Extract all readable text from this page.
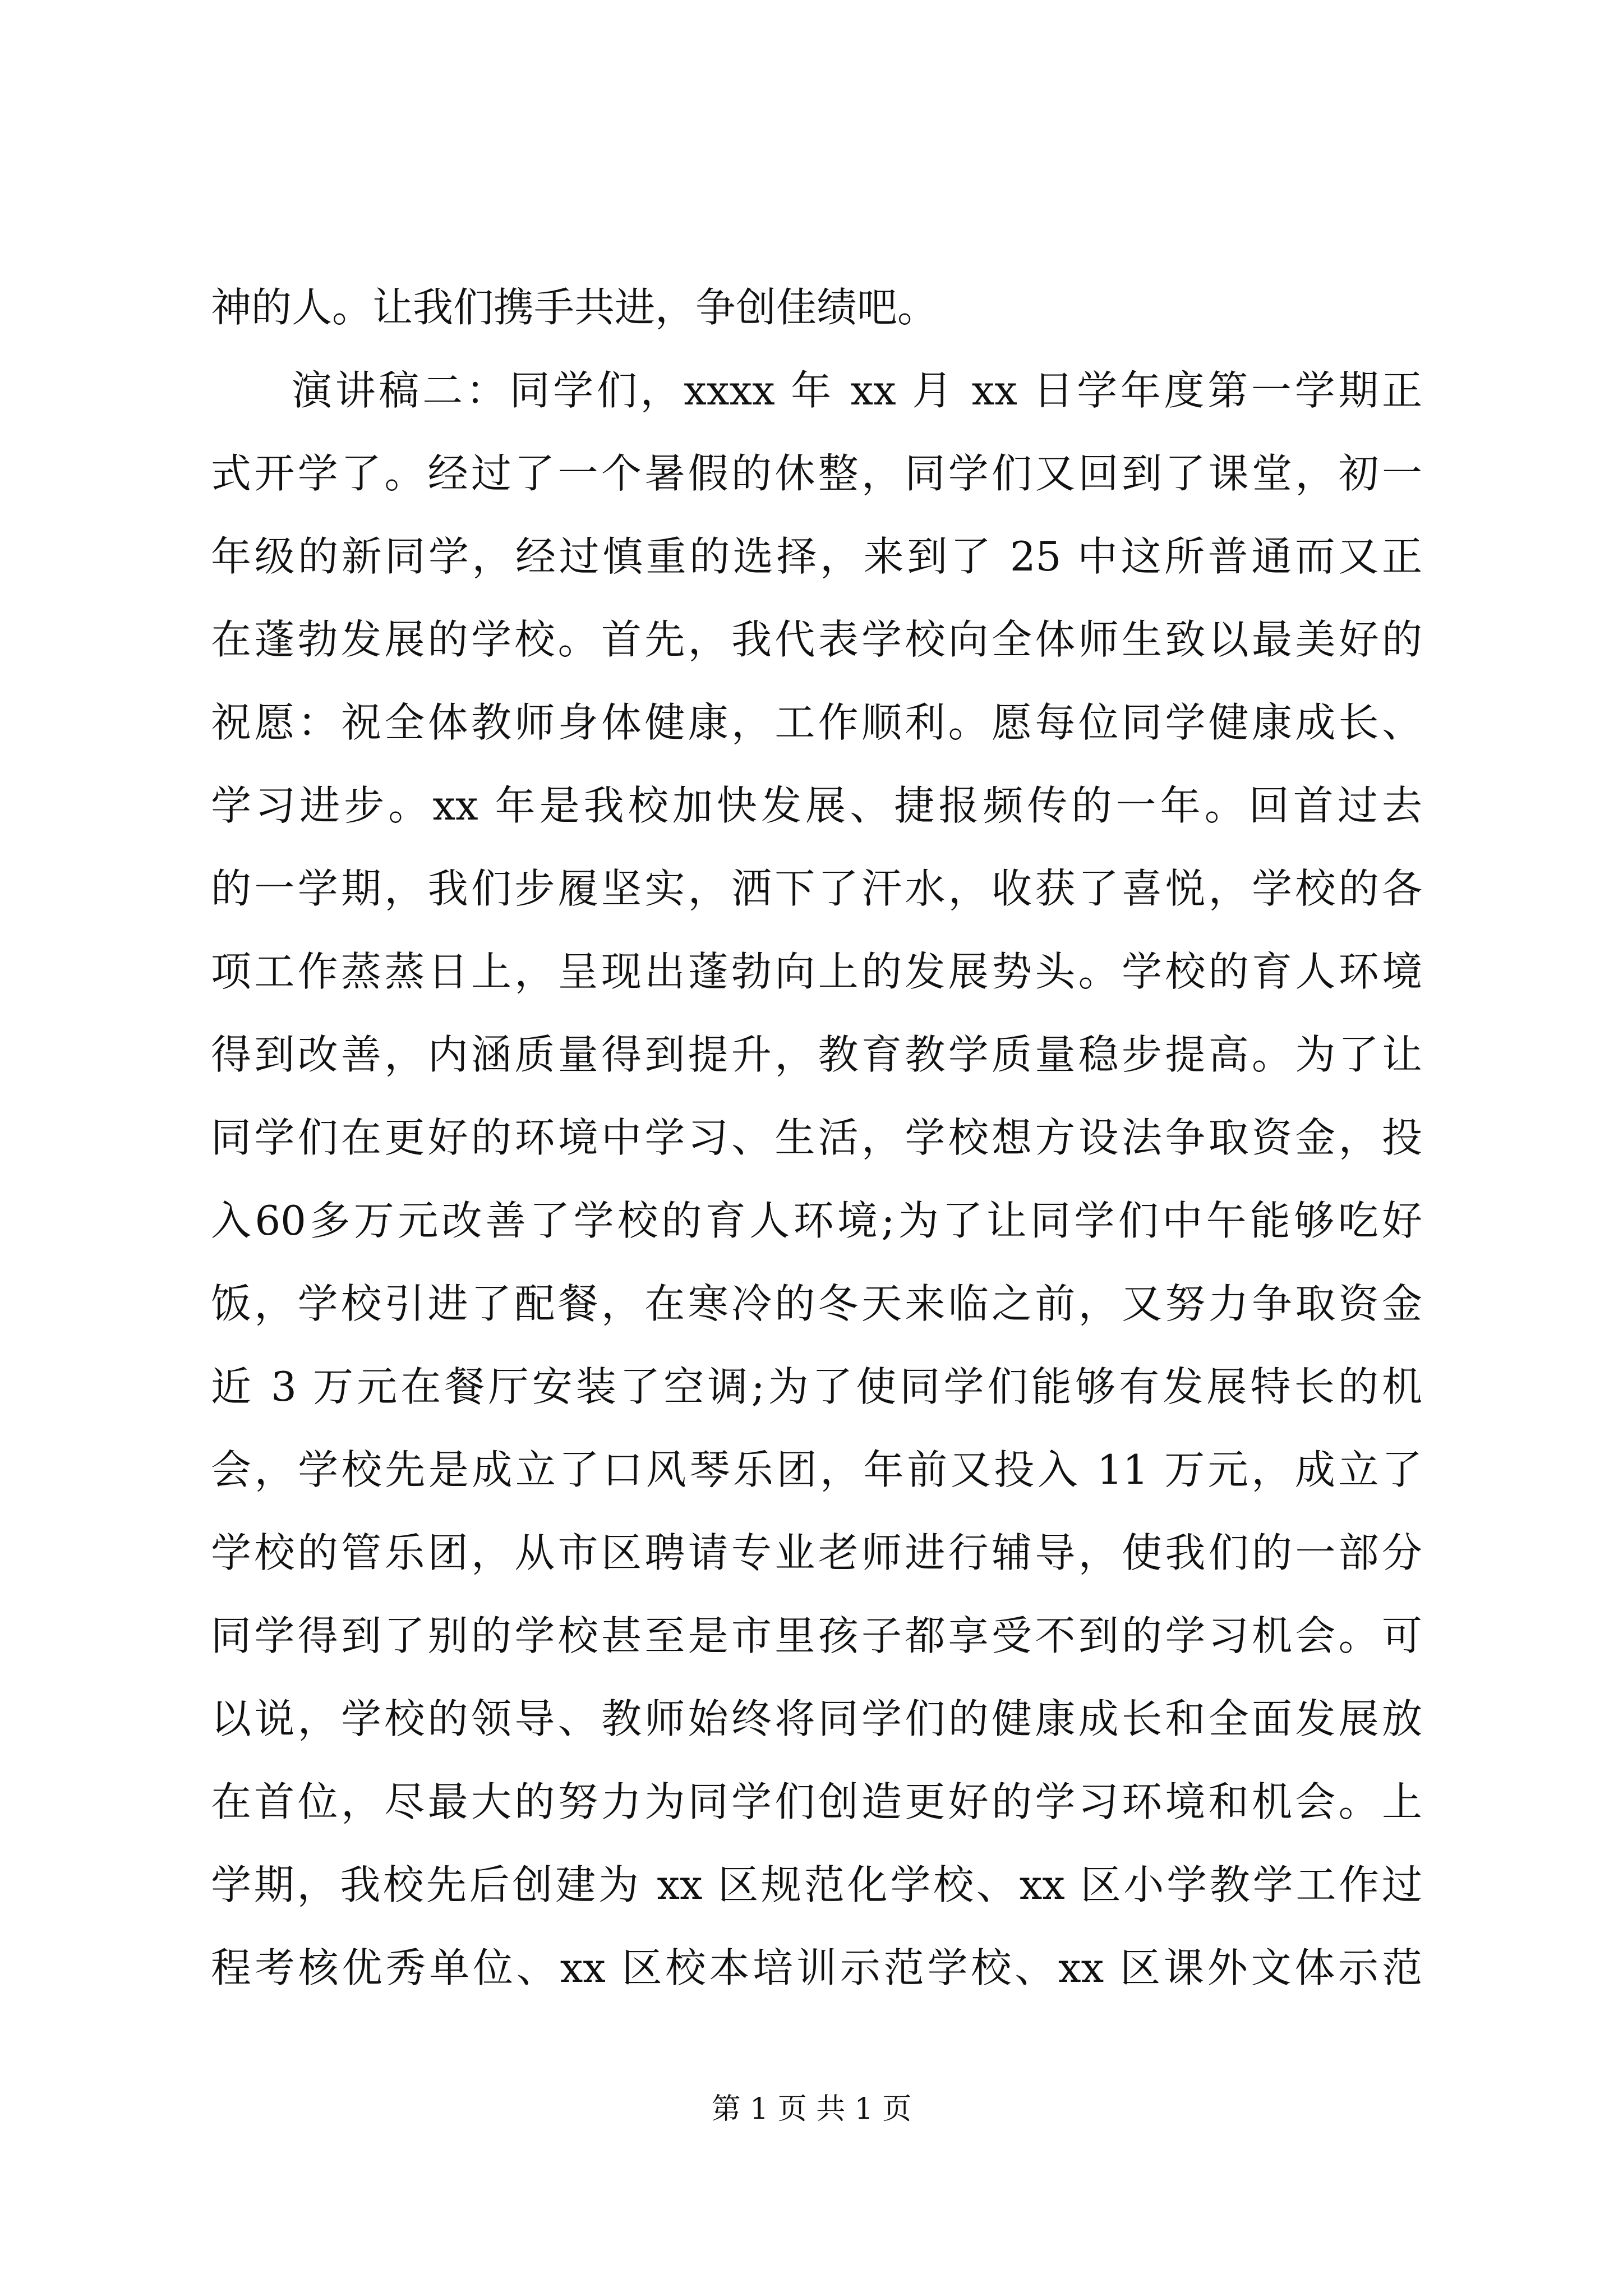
神的人。让我们携手共进，争创佳绩吧。
演讲稿二：同学们，xxxx 年 xx 月 xx 日学年度第一学期正
式开学了。经过了一个暑假的休整，同学们又回到了课堂，初一
年级的新同学，经过慎重的选择，来到了 25 中这所普通而又正
在蓬勃发展的学校。首先，我代表学校向全体师生致以最美好的
祝愿：祝全体教师身体健康，工作顺利。愿每位同学健康成长、
学习进步。xx 年是我校加快发展、捷报频传的一年。回首过去
的一学期，我们步履坚实，洒下了汗水，收获了喜悦，学校的各
项工作蒸蒸日上，呈现出蓬勃向上的发展势头。学校的育人环境
得到改善，内涵质量得到提升，教育教学质量稳步提高。为了让
同学们在更好的环境中学习、生活，学校想方设法争取资金，投
入60多万元改善了学校的育人环境;为了让同学们中午能够吃好
饭，学校引进了配餐，在寒冷的冬天来临之前，又努力争取资金
近 3 万元在餐厅安装了空调;为了使同学们能够有发展特长的机
会，学校先是成立了口风琴乐团，年前又投入 11 万元，成立了
学校的管乐团，从市区聘请专业老师进行辅导，使我们的一部分
同学得到了别的学校甚至是市里孩子都享受不到的学习机会。可
以说，学校的领导、教师始终将同学们的健康成长和全面发展放
在首位，尽最大的努力为同学们创造更好的学习环境和机会。上
学期，我校先后创建为 xx 区规范化学校、xx 区小学教学工作过
程考核优秀单位、xx 区校本培训示范学校、xx 区课外文体示范
第 1 页 共 1 页
